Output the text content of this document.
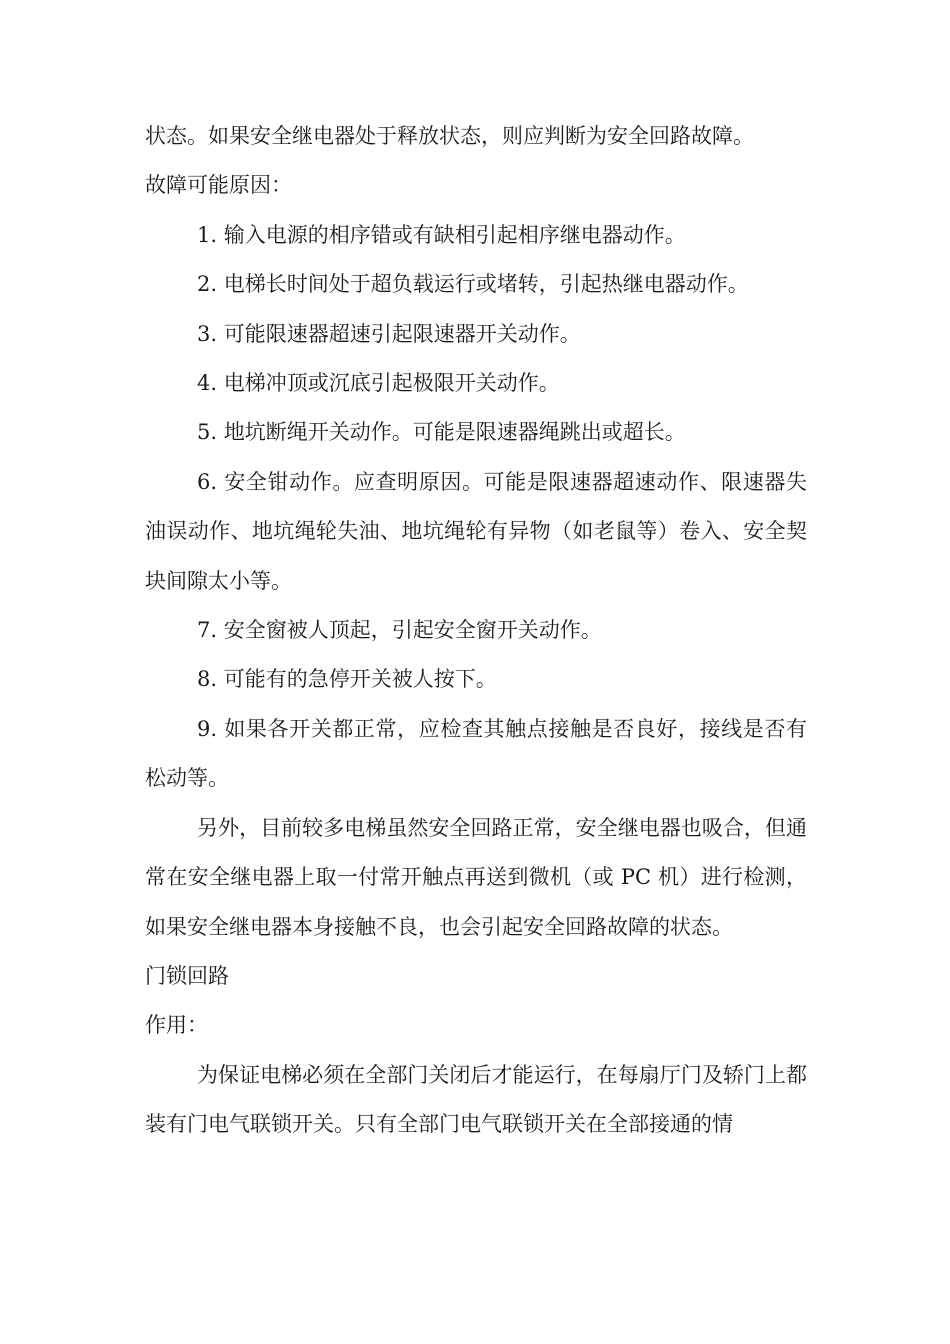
状态。如果安全继电器处于释放状态，则应判断为安全回路故障。

故障可能原因：

1. 输入电源的相序错或有缺相引起相序继电器动作。

2. 电梯长时间处于超负载运行或堵转，引起热继电器动作。

3. 可能限速器超速引起限速器开关动作。

4. 电梯冲顶或沉底引起极限开关动作。

5. 地坑断绳开关动作。可能是限速器绳跳出或超长。

6. 安全钳动作。应查明原因。可能是限速器超速动作、限速器失油误动作、地坑绳轮失油、地坑绳轮有异物（如老鼠等）卷入、安全契块间隙太小等。

7. 安全窗被人顶起，引起安全窗开关动作。

8. 可能有的急停开关被人按下。

9. 如果各开关都正常，应检查其触点接触是否良好，接线是否有松动等。

另外，目前较多电梯虽然安全回路正常，安全继电器也吸合，但通常在安全继电器上取一付常开触点再送到微机（或 PC 机）进行检测，如果安全继电器本身接触不良，也会引起安全回路故障的状态。

门锁回路

作用：

为保证电梯必须在全部门关闭后才能运行，在每扇厅门及轿门上都装有门电气联锁开关。只有全部门电气联锁开关在全部接通的情
